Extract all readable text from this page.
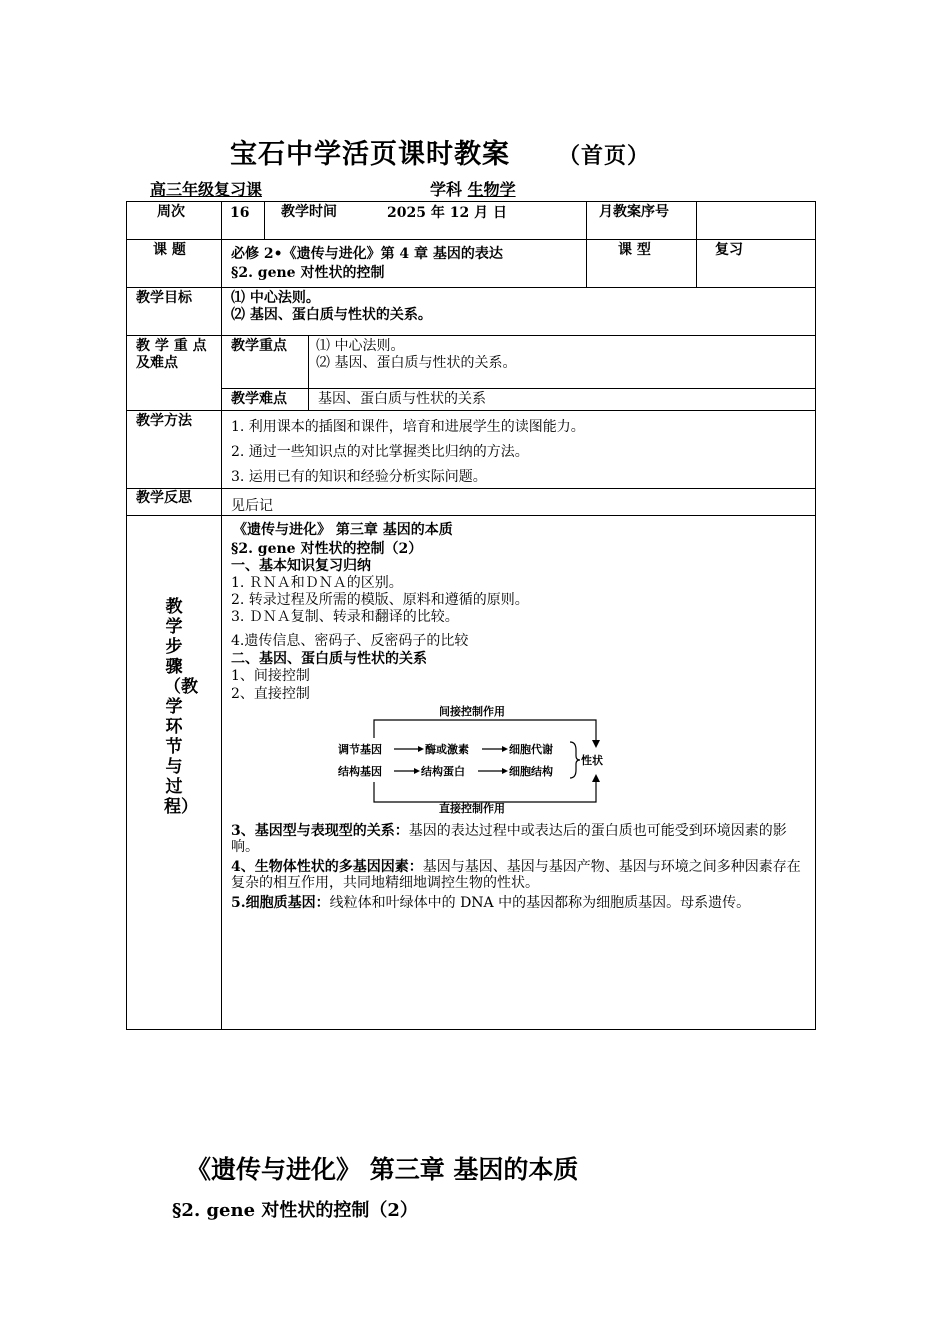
宝石中学活页课时教案 （首页）
高三年级复习课	学科 生物学
周次	16 教学时间	2025 年 12 月 日	月教案序号
课 题	必修 2•《遗传与进化》第 4 章 基因的表达
§2. gene 对性状的控制
课 型	复习
教学目标	⑴ 中心法则。
⑵ 基因、蛋白质与性状的关系。
教 学 重 点
及难点
教学重点 ⑴ 中心法则。
⑵ 基因、蛋白质与性状的关系。
教学难点 基因、蛋白质与性状的关系
教学方法	1. 利用课本的插图和课件，培育和进展学生的读图能力。
2. 通过一些知识点的对比掌握类比归纳的方法。
3. 运用已有的知识和经验分析实际问题。
教学反思	见后记
教学步骤（教学环节与过程）
《遗传与进化》 第三章 基因的本质
§2. gene 对性状的控制（2）
一、基本知识复习归纳
1. ＲＮＡ和ＤＮＡ的区别。
2. 转录过程及所需的模版、原料和遵循的原则。
3. ＤＮＡ复制、转录和翻译的比较。
4.遗传信息、密码子、反密码子的比较
二、基因、蛋白质与性状的关系
1、间接控制
2、直接控制
间接控制作用
直接控制作用
调节基因	酶或激素	细胞代谢
结构基因	结构蛋白	细胞结构
性状
3、基因型与表现型的关系：基因的表达过程中或表达后的蛋白质也可能受到环境因素的影响。
4、生物体性状的多基因因素：基因与基因、基因与基因产物、基因与环境之间多种因素存在复杂的相互作用，共同地精细地调控生物的性状。
5.细胞质基因：线粒体和叶绿体中的 DNA 中的基因都称为细胞质基因。母系遗传。
《遗传与进化》 第三章 基因的本质
§2. gene 对性状的控制（2）
